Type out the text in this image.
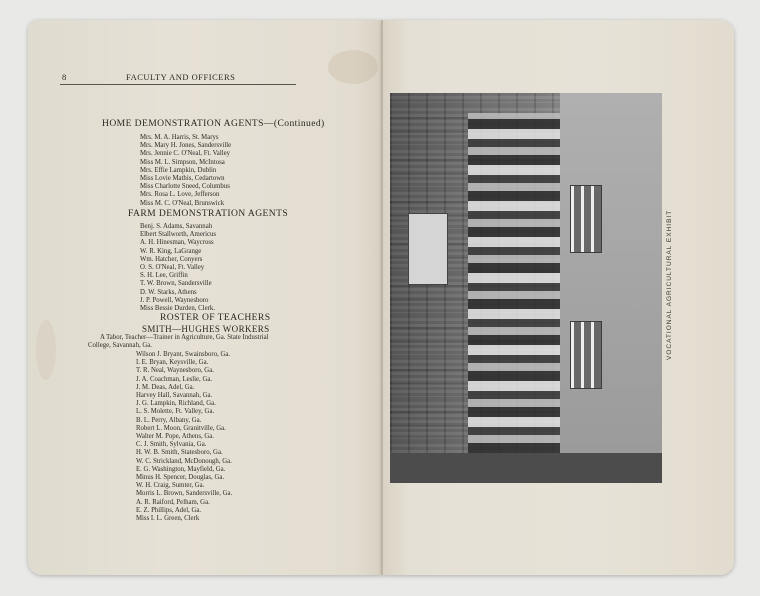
8	FACULTY AND OFFICERS
HOME DEMONSTRATION AGENTS—(Continued)
Mrs. M. A. Harris, St. Marys
Mrs. Mary H. Jones, Sandersville
Mrs. Jennie C. O'Neal, Ft. Valley
Miss M. L. Simpson, McIntosa
Mrs. Effie Lampkin, Dublin
Miss Lovie Mathis, Cedartown
Miss Charlotte Sneed, Columbus
Mrs. Rosa L. Love, Jefferson
Miss M. C. O'Neal, Brunswick
FARM DEMONSTRATION AGENTS
Benj. S. Adams, Savannah
Elbert Stallworth, Americus
A. H. Hinesman, Waycross
W. R. King, LaGrange
Wm. Hatcher, Conyers
O. S. O'Neal, Ft. Valley
S. H. Lee, Griffin
T. W. Brown, Sandersville
D. W. Starks, Athens
J. P. Powell, Waynesboro
Miss Bessie Durden, Clerk.
ROSTER OF TEACHERS
SMITH—HUGHES WORKERS
A Tabor, Teacher—Trainer in Agriculture, Ga. State Industrial
College, Savannah, Ga.
Wilson J. Bryant, Swainsboro, Ga.
I. E. Bryan, Keysville, Ga.
T. R. Neal, Waynesboro, Ga.
J. A. Coachman, Leslie, Ga.
J. M. Deas, Adel, Ga.
Harvey Hall, Savannah, Ga.
J. G. Lampkin, Richland, Ga.
L. S. Molette, Ft. Valley, Ga.
B. L. Perry, Albany, Ga.
Robert L. Moon, Granitville, Ga.
Walter M. Pope, Athens, Ga.
C. J. Smith, Sylvania, Ga.
H. W. B. Smith, Statesboro, Ga.
W. C. Strickland, McDonough, Ga.
E. G. Washington, Mayfield, Ga.
Minus H. Spencer, Douglas, Ga.
W. H. Craig, Sumter, Ga.
Morris L. Brown, Sandersville, Ga.
A. R. Raiford, Pelham, Ga.
E. Z. Phillips, Adel, Ga.
Miss I. L. Green, Clerk
VOCATIONAL AGRICULTURAL EXHIBIT
